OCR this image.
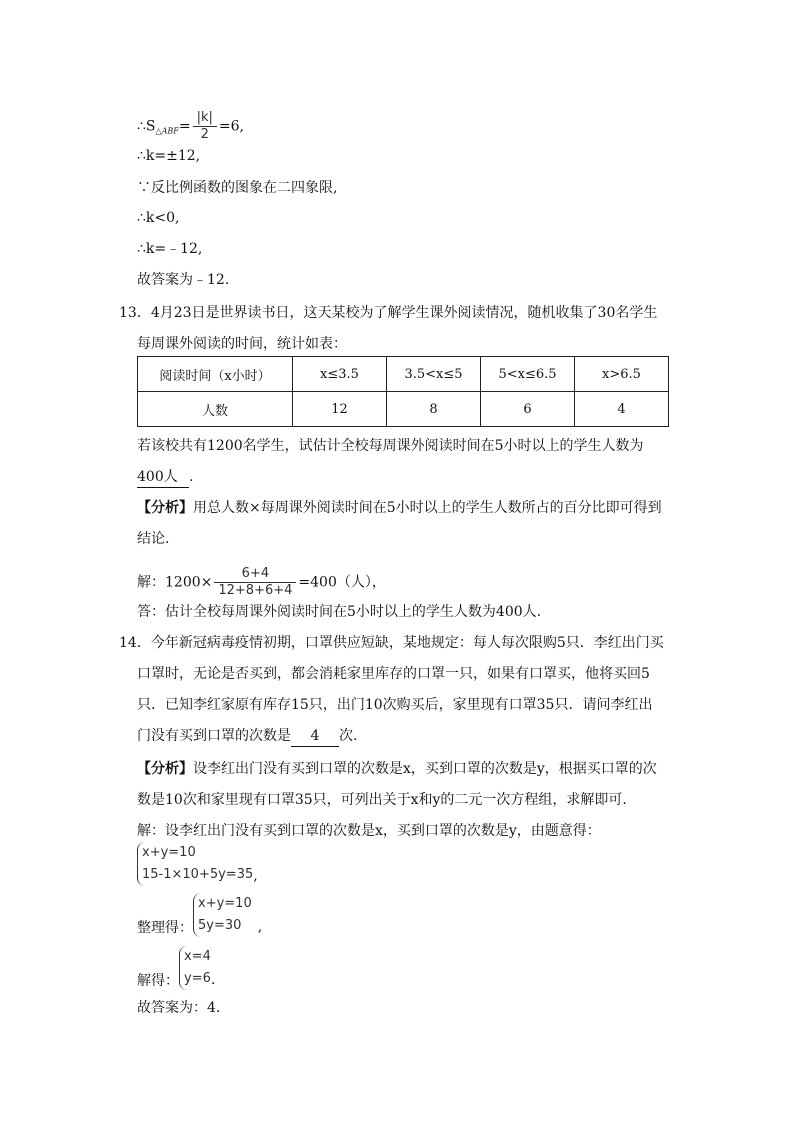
$\therefore S_{\triangle ABF}= \frac{|k|}{2} =6$,
∴k=±12,
∵反比例函数的图象在二四象限,
∴k<0,
∴k=﹣12,
故答案为﹣12.
13．4月23日是世界读书日，这天某校为了解学生课外阅读情况，随机收集了30名学生
每周课外阅读的时间，统计如表：
阅读时间（x小时）	x≤3.5	3.5<x≤5	5<x≤6.5	x>6.5
人数	12	8	6	4
若该校共有1200名学生，试估计全校每周课外阅读时间在5小时以上的学生人数为
400人 .
【分析】用总人数×每周课外阅读时间在5小时以上的学生人数所占的百分比即可得到
结论.
解：$1200\times \frac{6+4}{12+8+6+4} =400$（人），
答：估计全校每周课外阅读时间在5小时以上的学生人数为400人.
14．今年新冠病毒疫情初期，口罩供应短缺，某地规定：每人每次限购5只．李红出门买
口罩时，无论是否买到，都会消耗家里库存的口罩一只，如果有口罩买，他将买回5
只．已知李红家原有库存15只，出门10次购买后，家里现有口罩35只．请问李红出
门没有买到口罩的次数是 4 次.
【分析】设李红出门没有买到口罩的次数是x，买到口罩的次数是y，根据买口罩的次
数是10次和家里现有口罩35只，可列出关于x和y的二元一次方程组，求解即可.
解：设李红出门没有买到口罩的次数是x，买到口罩的次数是y，由题意得：
x+y=10
15-1×10+5y=35 ,
整理得：
x+y=10
5y=30	,
解得：
x=4
y=6 .
故答案为：4.
